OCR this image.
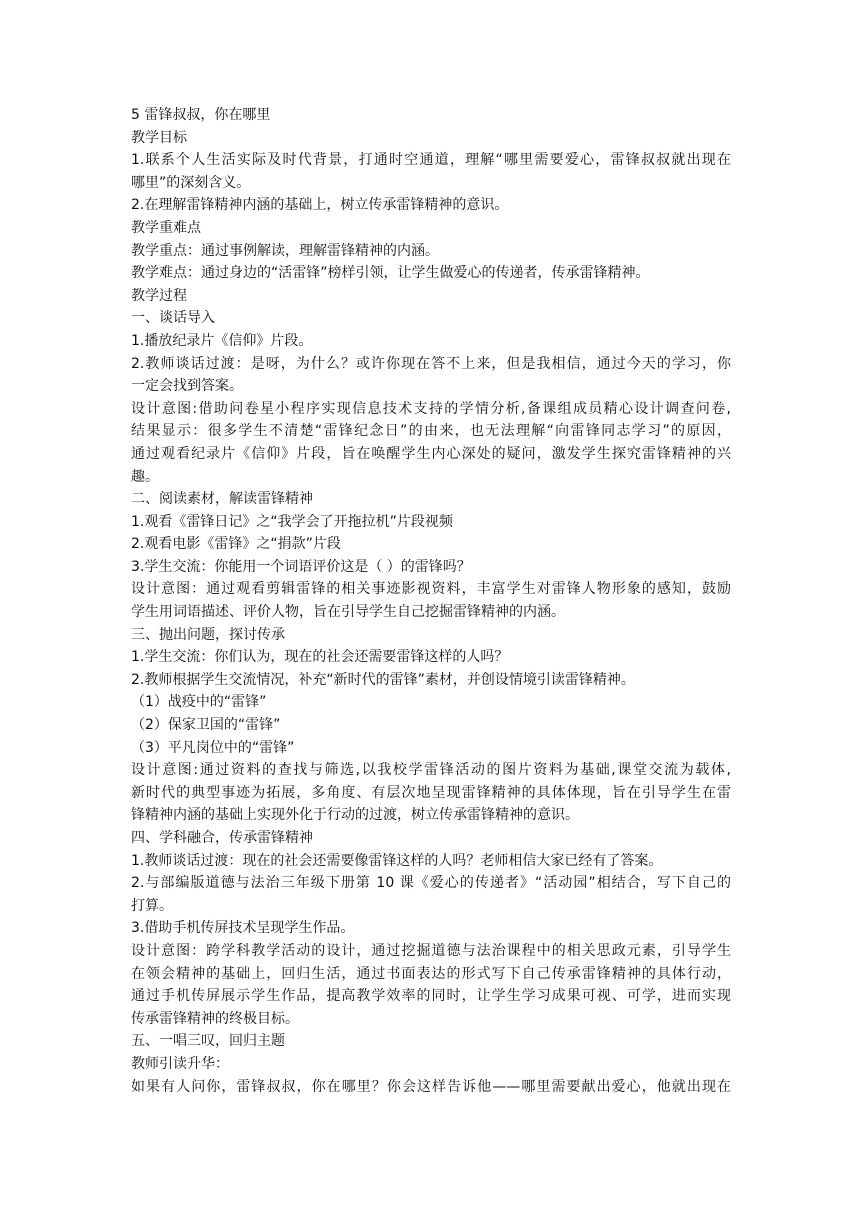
5 雷锋叔叔，你在哪里
教学目标
1.联系个人生活实际及时代背景，打通时空通道，理解“哪里需要爱心，雷锋叔叔就出现在
哪里”的深刻含义。
2.在理解雷锋精神内涵的基础上，树立传承雷锋精神的意识。
教学重难点
教学重点：通过事例解读，理解雷锋精神的内涵。
教学难点：通过身边的“活雷锋”榜样引领，让学生做爱心的传递者，传承雷锋精神。
教学过程
一、谈话导入
1.播放纪录片《信仰》片段。
2.教师谈话过渡：是呀，为什么？或许你现在答不上来，但是我相信，通过今天的学习，你
一定会找到答案。
设计意图:借助问卷星小程序实现信息技术支持的学情分析,备课组成员精心设计调查问卷,
结果显示：很多学生不清楚“雷锋纪念日”的由来，也无法理解“向雷锋同志学习”的原因，
通过观看纪录片《信仰》片段，旨在唤醒学生内心深处的疑问，激发学生探究雷锋精神的兴
趣。
二、阅读素材，解读雷锋精神
1.观看《雷锋日记》之“我学会了开拖拉机”片段视频
2.观看电影《雷锋》之“捐款”片段
3.学生交流：你能用一个词语评价这是（ ）的雷锋吗？
设计意图：通过观看剪辑雷锋的相关事迹影视资料，丰富学生对雷锋人物形象的感知，鼓励
学生用词语描述、评价人物，旨在引导学生自己挖掘雷锋精神的内涵。
三、抛出问题，探讨传承
1.学生交流：你们认为，现在的社会还需要雷锋这样的人吗？
2.教师根据学生交流情况，补充“新时代的雷锋”素材，并创设情境引读雷锋精神。
（1）战疫中的“雷锋”
（2）保家卫国的“雷锋”
（3）平凡岗位中的“雷锋”
设计意图:通过资料的查找与筛选,以我校学雷锋活动的图片资料为基础,课堂交流为载体,
新时代的典型事迹为拓展，多角度、有层次地呈现雷锋精神的具体体现，旨在引导学生在雷
锋精神内涵的基础上实现外化于行动的过渡，树立传承雷锋精神的意识。
四、学科融合，传承雷锋精神
1.教师谈话过渡：现在的社会还需要像雷锋这样的人吗？老师相信大家已经有了答案。
2.与部编版道德与法治三年级下册第 10 课《爱心的传递者》“活动园”相结合，写下自己的
打算。
3.借助手机传屏技术呈现学生作品。
设计意图：跨学科教学活动的设计，通过挖掘道德与法治课程中的相关思政元素，引导学生
在领会精神的基础上，回归生活，通过书面表达的形式写下自己传承雷锋精神的具体行动，
通过手机传屏展示学生作品，提高教学效率的同时，让学生学习成果可视、可学，进而实现
传承雷锋精神的终极目标。
五、一唱三叹，回归主题
教师引读升华：
如果有人问你，雷锋叔叔，你在哪里？你会这样告诉他——哪里需要献出爱心，他就出现在
